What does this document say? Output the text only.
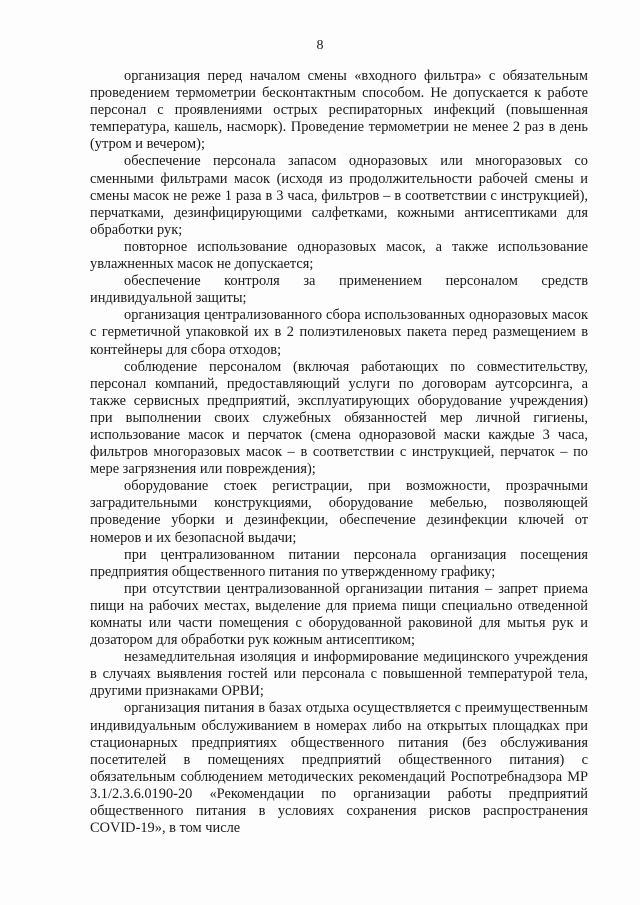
8

организация перед началом смены «входного фильтра» с обязательным проведением термометрии бесконтактным способом. Не допускается к работе персонал с проявлениями острых респираторных инфекций (повышенная температура, кашель, насморк). Проведение термометрии не менее 2 раз в день (утром и вечером);

обеспечение персонала запасом одноразовых или многоразовых со сменными фильтрами масок (исходя из продолжительности рабочей смены и смены масок не реже 1 раза в 3 часа, фильтров – в соответствии с инструкцией), перчатками, дезинфицирующими салфетками, кожными антисептиками для обработки рук;

повторное использование одноразовых масок, а также использование увлажненных масок не допускается;

обеспечение контроля за применением персоналом средств индивидуальной защиты;

организация централизованного сбора использованных одноразовых масок с герметичной упаковкой их в 2 полиэтиленовых пакета перед размещением в контейнеры для сбора отходов;

соблюдение персоналом (включая работающих по совместительству, персонал компаний, предоставляющий услуги по договорам аутсорсинга, а также сервисных предприятий, эксплуатирующих оборудование учреждения) при выполнении своих служебных обязанностей мер личной гигиены, использование масок и перчаток (смена одноразовой маски каждые 3 часа, фильтров многоразовых масок – в соответствии с инструкцией, перчаток – по мере загрязнения или повреждения);

оборудование стоек регистрации, при возможности, прозрачными заградительными конструкциями, оборудование мебелью, позволяющей проведение уборки и дезинфекции, обеспечение дезинфекции ключей от номеров и их безопасной выдачи;

при централизованном питании персонала организация посещения предприятия общественного питания по утвержденному графику;

при отсутствии централизованной организации питания – запрет приема пищи на рабочих местах, выделение для приема пищи специально отведенной комнаты или части помещения с оборудованной раковиной для мытья рук и дозатором для обработки рук кожным антисептиком;

незамедлительная изоляция и информирование медицинского учреждения в случаях выявления гостей или персонала с повышенной температурой тела, другими признаками ОРВИ;

организация питания в базах отдыха осуществляется с преимущественным индивидуальным обслуживанием в номерах либо на открытых площадках при стационарных предприятиях общественного питания (без обслуживания посетителей в помещениях предприятий общественного питания) с обязательным соблюдением методических рекомендаций Роспотребнадзора МР 3.1/2.3.6.0190-20 «Рекомендации по организации работы предприятий общественного питания в условиях сохранения рисков распространения COVID-19», в том числе
